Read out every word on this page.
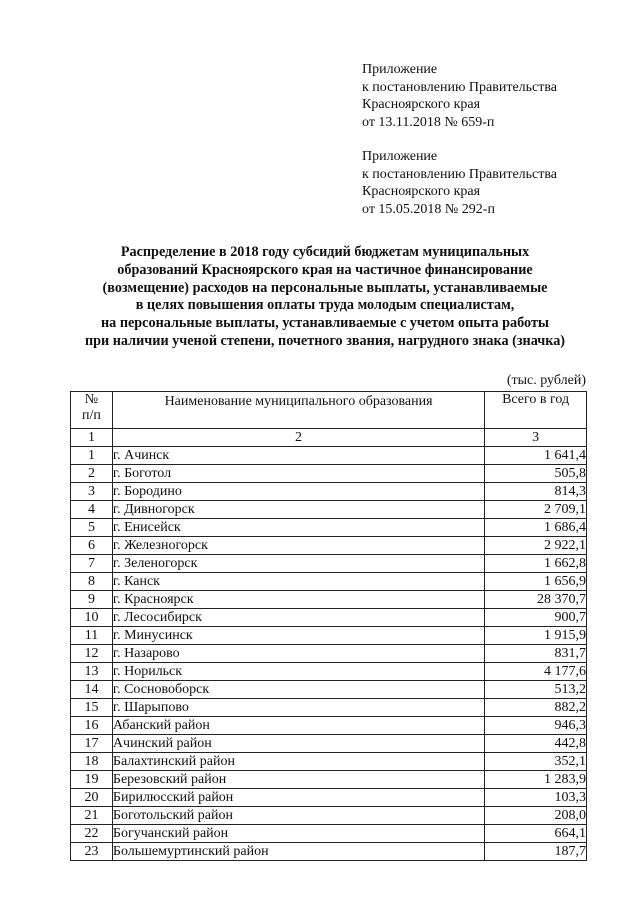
Приложение
к постановлению Правительства
Красноярского края
от 13.11.2018 № 659-п
Приложение
к постановлению Правительства
Красноярского края
от 15.05.2018 № 292-п
Распределение в 2018 году субсидий бюджетам муниципальных
образований Красноярского края на частичное финансирование
(возмещение) расходов на персональные выплаты, устанавливаемые
в целях повышения оплаты труда молодым специалистам,
на персональные выплаты, устанавливаемые с учетом опыта работы
при наличии ученой степени, почетного звания, нагрудного знака (значка)
(тыс. рублей)
№
п/п	Наименование муниципального образования	Всего в год
1	2	3
1	г. Ачинск	1 641,4
2	г. Боготол	505,8
3	г. Бородино	814,3
4	г. Дивногорск	2 709,1
5	г. Енисейск	1 686,4
6	г. Железногорск	2 922,1
7	г. Зеленогорск	1 662,8
8	г. Канск	1 656,9
9	г. Красноярск	28 370,7
10	г. Лесосибирск	900,7
11	г. Минусинск	1 915,9
12	г. Назарово	831,7
13	г. Норильск	4 177,6
14	г. Сосновоборск	513,2
15	г. Шарыпово	882,2
16	Абанский район	946,3
17	Ачинский район	442,8
18	Балахтинский район	352,1
19	Березовский район	1 283,9
20	Бирилюсский район	103,3
21	Боготольский район	208,0
22	Богучанский район	664,1
23	Большемуртинский район	187,7
